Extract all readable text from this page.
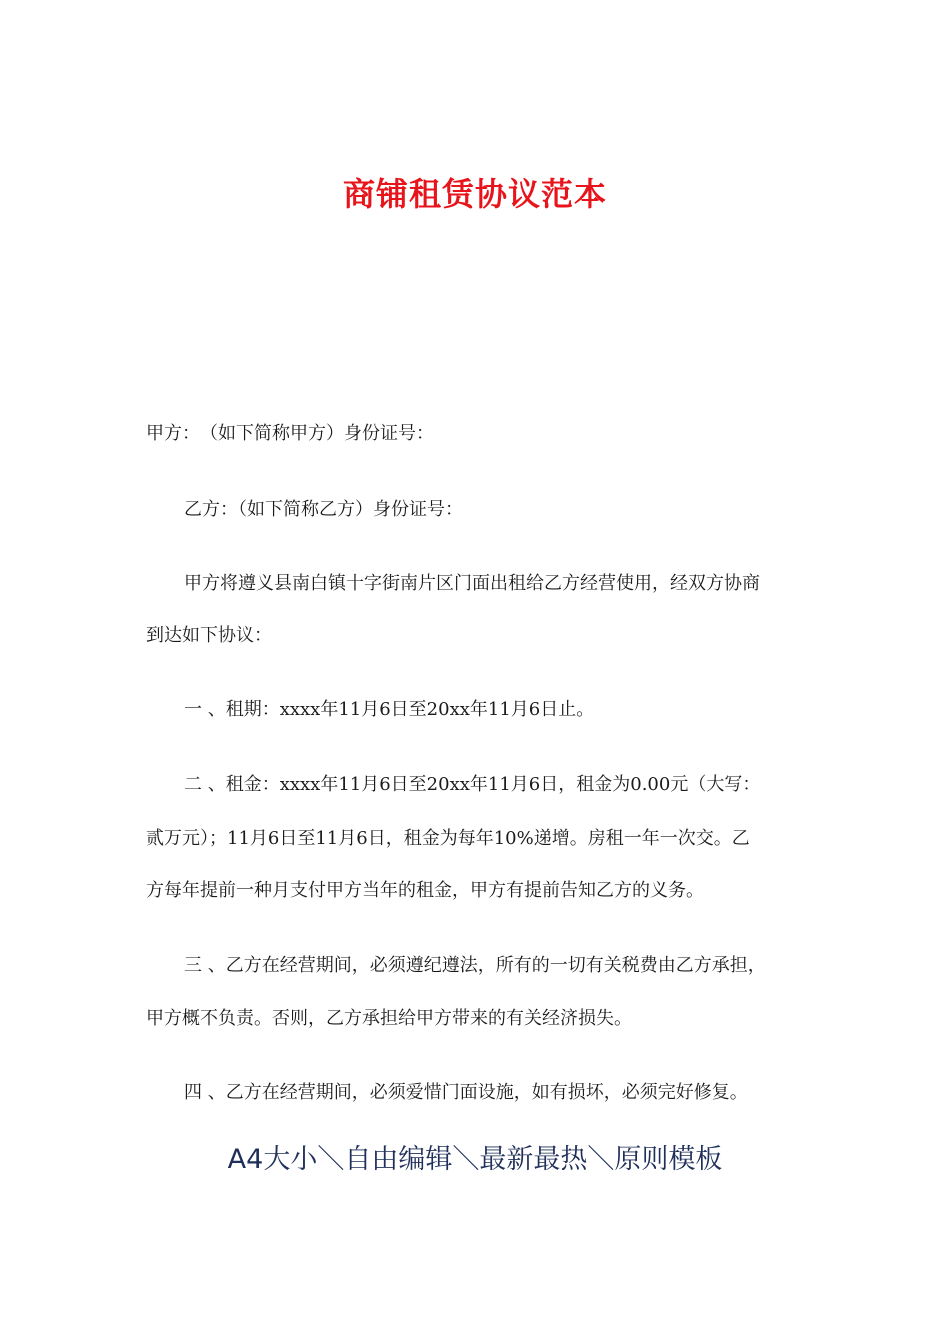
商铺租赁协议范本
甲方：　（如下简称甲方）身份证号：
乙方：（如下简称乙方）身份证号：
甲方将遵义县南白镇十字街南片区门面出租给乙方经营使用，经双方协商
到达如下协议：
一 、租期：xxxx年11月6日至20xx年11月6日止。
二 、租金：xxxx年11月6日至20xx年11月6日，租金为0.00元（大写：
贰万元）；11月6日至11月6日，租金为每年10%递增。房租一年一次交。乙
方每年提前一种月支付甲方当年的租金，甲方有提前告知乙方的义务。
三 、乙方在经营期间，必须遵纪遵法，所有的一切有关税费由乙方承担，
甲方概不负责。否则，乙方承担给甲方带来的有关经济损失。
四 、乙方在经营期间，必须爱惜门面设施，如有损坏，必须完好修复。
A4大小＼自由编辑＼最新最热＼原则模板
